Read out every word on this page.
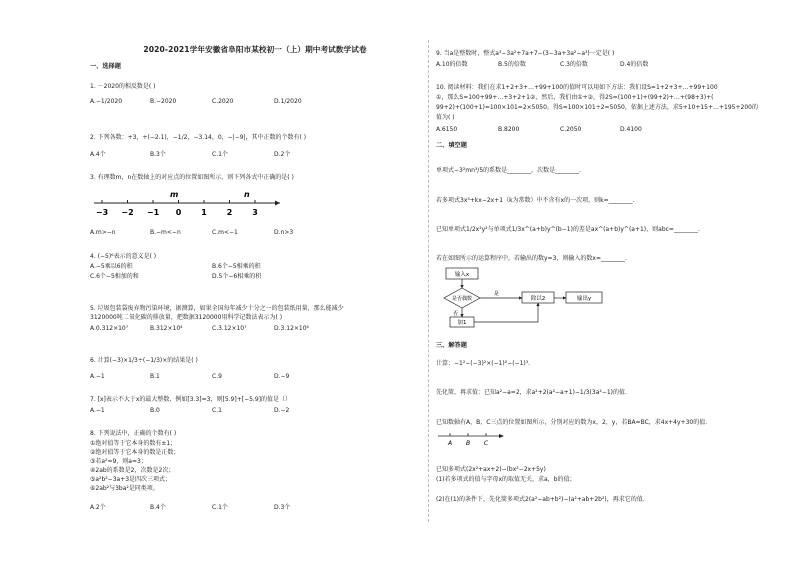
2020-2021学年安徽省阜阳市某校初一（上）期中考试数学试卷
一、选择题
1. －2020的相反数是( )
A.−1/2020	B.−2020	C.2020	D.1/2020
2. 下列各数：+3，+(−2.1)，−1/2，−3.14，0，−|−9|，其中正数的个数有( )
A.4个	B.3个	C.1个	D.2个
3. 有理数m，n在数轴上的对应点的位置如图所示，则下列各式中正确的是( )
−3 −2 −1 0 1 2 3
m	n
A.m>−n	B.−m<−n	C.m<−1	D.n>3
4. (−5)⁶表示的意义是( )
A.−5乘以6的积	B.6个−5相乘的积
C.6个−5相加的和	D.5个−6相乘的积
5. 垃圾包装袋废弃物污染环境，据测算，如果全国每年减少十分之一的包装纸用量，那么能减少
3120000吨二氧化碳的排放量，把数据3120000用科学记数法表示为( )
A.0.312×10⁷	B.312×10⁴	C.3.12×10⁷	D.3.12×10⁶
6. 计算(−3)×1/3÷(−1/3)×的结果是( )
A.−1	B.1	C.9	D.−9
7. [x]表示不大于x的最大整数，例如[3.3]=3，则[5.9]+[−5.9]的值是（）
A.−1	B.0	C.1	D.−2
8. 下列说法中，正确的个数有( )
①绝对值等于它本身的数有±1；
②绝对值等于它本身的数是正数；
③若a²=9，则a=3；
④2ab的系数是2，次数是2次；
⑤a²b²−3a+3是四次三项式；
⑥2ab²与3ba²是同类项。
A.2个	B.4个	C.1个	D.3个
9. 当a是整数时，整式a³−3a²+7a+7−(3−3a+3a²−a³)一定是( )
A.10的倍数	B.5的倍数	C.3的倍数	D.4的倍数
10. 阅读材料：我们在求1+2+3+…+99+100的值时可以用如下方法：我们设S=1+2+3+…+99+100
①，那么S=100+99+…+3+2+1②，然后，我们由①+②，得2S=(100+1)+(99+2)+…+(98+3)+(
99+2)+(100+1)=100×101=2×5050。得S=100×101÷2=5050，依据上述方法，求5+10+15+…+195+200的
值为( )
A.6150	B.8200	C.2050	D.4100
二、填空题
单项式−3²mn³/5的系数是________，次数是________.
若多项式3x³+kx−2x+1（k为常数）中不含有x的一次项，则k=________.
已知单项式1/2x²y²与单项式1/3x^(a+b)y^(b−1)的差是ax^(a+b)y^(a+1)，则abc=________.
若在如图所示的运算程序中，若输出的数y=3，则输入的数x=________.
输入x
是否偶数
是
除以2	输出y
否
加1
三、解答题
计算：−1²−(−3)²×(−1)²−(−1)³.
先化简，再求值：已知a²−a=2，求a²+2(a²−a+1)−1/3(3a²−1)的值.
已知数轴有A，B，C三点的位置如图所示，分别对应的数为x，2，y，若BA=BC，求4x+4y+30的值.
A B C
已知多项式(2x²+ax+2)−(bx²−2x+5y)
(1)若多项式的值与字母x的取值无关，求a，b的值；
(2)在(1)的条件下，先化简多项式2(a²−ab+b²)−(a²+ab+2b²)，再求它的值.
